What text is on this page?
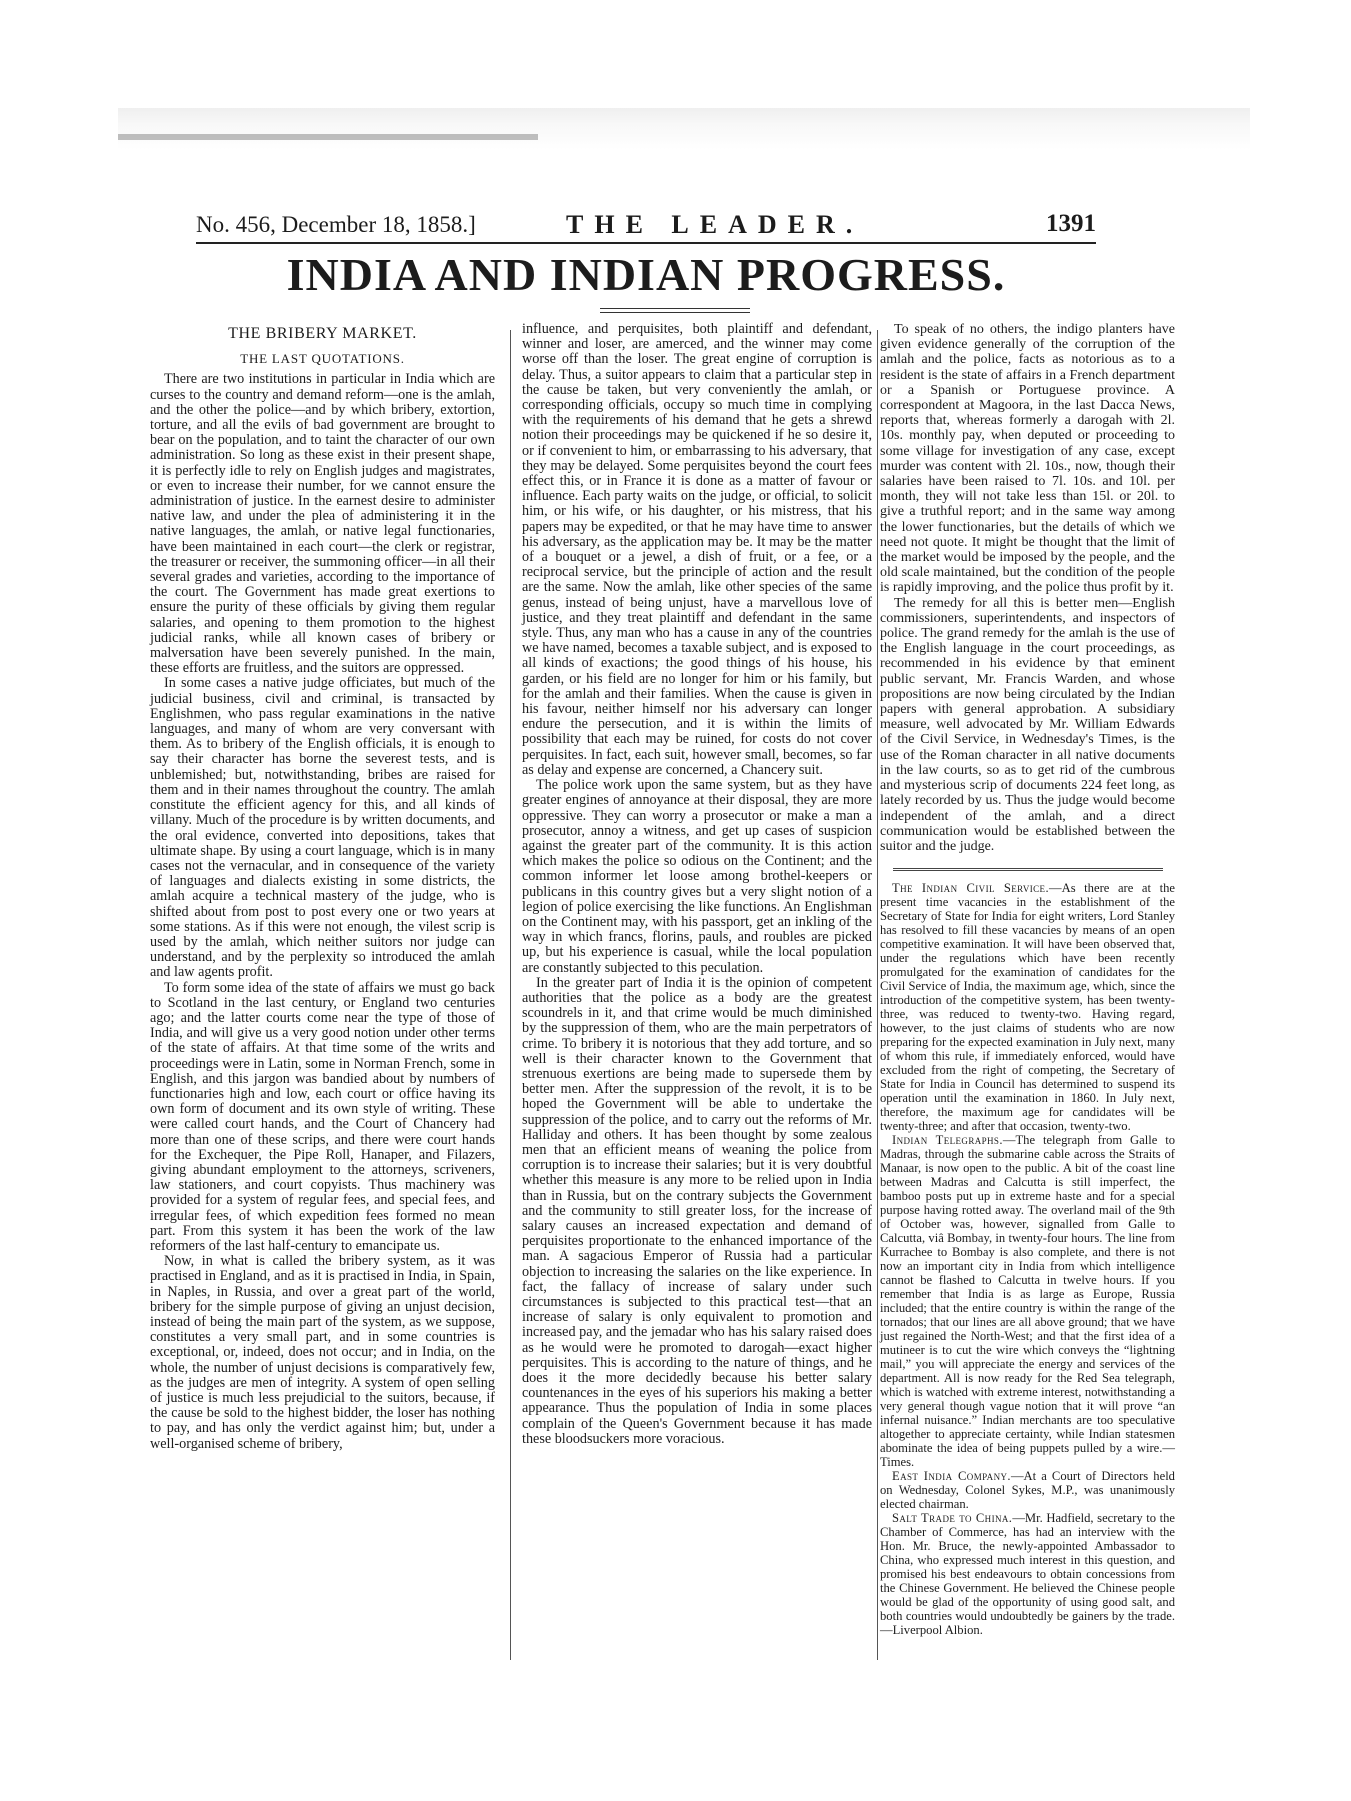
No. 456, December 18, 1858.]	THE LEADER.	1391
INDIA AND INDIAN PROGRESS.
THE BRIBERY MARKET.
THE LAST QUOTATIONS.

There are two institutions in particular in India which are curses to the country and demand reform—one is the amlah, and the other the police—and by which bribery, extortion, torture, and all the evils of bad government are brought to bear on the population, and to taint the character of our own administration. So long as these exist in their present shape, it is perfectly idle to rely on English judges and magistrates, or even to increase their number, for we cannot ensure the administration of justice. In the earnest desire to administer native law, and under the plea of administering it in the native languages, the amlah, or native legal functionaries, have been maintained in each court—the clerk or registrar, the treasurer or receiver, the summoning officer—in all their several grades and varieties, according to the importance of the court. The Government has made great exertions to ensure the purity of these officials by giving them regular salaries, and opening to them promotion to the highest judicial ranks, while all known cases of bribery or malversation have been severely punished. In the main, these efforts are fruitless, and the suitors are oppressed.

In some cases a native judge officiates, but much of the judicial business, civil and criminal, is transacted by Englishmen, who pass regular examinations in the native languages, and many of whom are very conversant with them. As to bribery of the English officials, it is enough to say their character has borne the severest tests, and is unblemished; but, notwithstanding, bribes are raised for them and in their names throughout the country. The amlah constitute the efficient agency for this, and all kinds of villany. Much of the procedure is by written documents, and the oral evidence, converted into depositions, takes that ultimate shape. By using a court language, which is in many cases not the vernacular, and in consequence of the variety of languages and dialects existing in some districts, the amlah acquire a technical mastery of the judge, who is shifted about from post to post every one or two years at some stations. As if this were not enough, the vilest scrip is used by the amlah, which neither suitors nor judge can understand, and by the perplexity so introduced the amlah and law agents profit.

To form some idea of the state of affairs we must go back to Scotland in the last century, or England two centuries ago; and the latter courts come near the type of those of India, and will give us a very good notion under other terms of the state of affairs. At that time some of the writs and proceedings were in Latin, some in Norman French, some in English, and this jargon was bandied about by numbers of functionaries high and low, each court or office having its own form of document and its own style of writing. These were called court hands, and the Court of Chancery had more than one of these scrips, and there were court hands for the Exchequer, the Pipe Roll, Hanaper, and Filazers, giving abundant employment to the attorneys, scriveners, law stationers, and court copyists. Thus machinery was provided for a system of regular fees, and special fees, and irregular fees, of which expedition fees formed no mean part. From this system it has been the work of the law reformers of the last half-century to emancipate us.

Now, in what is called the bribery system, as it was practised in England, and as it is practised in India, in Spain, in Naples, in Russia, and over a great part of the world, bribery for the simple purpose of giving an unjust decision, instead of being the main part of the system, as we suppose, constitutes a very small part, and in some countries is exceptional, or, indeed, does not occur; and in India, on the whole, the number of unjust decisions is comparatively few, as the judges are men of integrity. A system of open selling of justice is much less prejudicial to the suitors, because, if the cause be sold to the highest bidder, the loser has nothing to pay, and has only the verdict against him; but, under a well-organised scheme of bribery,

influence, and perquisites, both plaintiff and defendant, winner and loser, are amerced, and the winner may come worse off than the loser. The great engine of corruption is delay. Thus, a suitor appears to claim that a particular step in the cause be taken, but very conveniently the amlah, or corresponding officials, occupy so much time in complying with the requirements of his demand that he gets a shrewd notion their proceedings may be quickened if he so desire it, or if convenient to him, or embarrassing to his adversary, that they may be delayed. Some perquisites beyond the court fees effect this, or in France it is done as a matter of favour or influence. Each party waits on the judge, or official, to solicit him, or his wife, or his daughter, or his mistress, that his papers may be expedited, or that he may have time to answer his adversary, as the application may be. It may be the matter of a bouquet or a jewel, a dish of fruit, or a fee, or a reciprocal service, but the principle of action and the result are the same. Now the amlah, like other species of the same genus, instead of being unjust, have a marvellous love of justice, and they treat plaintiff and defendant in the same style. Thus, any man who has a cause in any of the countries we have named, becomes a taxable subject, and is exposed to all kinds of exactions; the good things of his house, his garden, or his field are no longer for him or his family, but for the amlah and their families. When the cause is given in his favour, neither himself nor his adversary can longer endure the persecution, and it is within the limits of possibility that each may be ruined, for costs do not cover perquisites. In fact, each suit, however small, becomes, so far as delay and expense are concerned, a Chancery suit.

The police work upon the same system, but as they have greater engines of annoyance at their disposal, they are more oppressive. They can worry a prosecutor or make a man a prosecutor, annoy a witness, and get up cases of suspicion against the greater part of the community. It is this action which makes the police so odious on the Continent; and the common informer let loose among brothel-keepers or publicans in this country gives but a very slight notion of a legion of police exercising the like functions. An Englishman on the Continent may, with his passport, get an inkling of the way in which francs, florins, pauls, and roubles are picked up, but his experience is casual, while the local population are constantly subjected to this peculation.

In the greater part of India it is the opinion of competent authorities that the police as a body are the greatest scoundrels in it, and that crime would be much diminished by the suppression of them, who are the main perpetrators of crime. To bribery it is notorious that they add torture, and so well is their character known to the Government that strenuous exertions are being made to supersede them by better men. After the suppression of the revolt, it is to be hoped the Government will be able to undertake the suppression of the police, and to carry out the reforms of Mr. Halliday and others. It has been thought by some zealous men that an efficient means of weaning the police from corruption is to increase their salaries; but it is very doubtful whether this measure is any more to be relied upon in India than in Russia, but on the contrary subjects the Government and the community to still greater loss, for the increase of salary causes an increased expectation and demand of perquisites proportionate to the enhanced importance of the man. A sagacious Emperor of Russia had a particular objection to increasing the salaries on the like experience. In fact, the fallacy of increase of salary under such circumstances is subjected to this practical test—that an increase of salary is only equivalent to promotion and increased pay, and the jemadar who has his salary raised does as he would were he promoted to darogah—exact higher perquisites. This is according to the nature of things, and he does it the more decidedly because his better salary countenances in the eyes of his superiors his making a better appearance. Thus the population of India in some places complain of the Queen's Government because it has made these bloodsuckers more voracious.

To speak of no others, the indigo planters have given evidence generally of the corruption of the amlah and the police, facts as notorious as to a resident is the state of affairs in a French department or a Spanish or Portuguese province. A correspondent at Magoora, in the last Dacca News, reports that, whereas formerly a darogah with 2l. 10s. monthly pay, when deputed or proceeding to some village for investigation of any case, except murder was content with 2l. 10s., now, though their salaries have been raised to 7l. 10s. and 10l. per month, they will not take less than 15l. or 20l. to give a truthful report; and in the same way among the lower functionaries, but the details of which we need not quote. It might be thought that the limit of the market would be imposed by the people, and the old scale maintained, but the condition of the people is rapidly improving, and the police thus profit by it.

The remedy for all this is better men—English commissioners, superintendents, and inspectors of police. The grand remedy for the amlah is the use of the English language in the court proceedings, as recommended in his evidence by that eminent public servant, Mr. Francis Warden, and whose propositions are now being circulated by the Indian papers with general approbation. A subsidiary measure, well advocated by Mr. William Edwards of the Civil Service, in Wednesday's Times, is the use of the Roman character in all native documents in the law courts, so as to get rid of the cumbrous and mysterious scrip of documents 224 feet long, as lately recorded by us. Thus the judge would become independent of the amlah, and a direct communication would be established between the suitor and the judge.

The Indian Civil Service.—As there are at the present time vacancies in the establishment of the Secretary of State for India for eight writers, Lord Stanley has resolved to fill these vacancies by means of an open competitive examination. It will have been observed that, under the regulations which have been recently promulgated for the examination of candidates for the Civil Service of India, the maximum age, which, since the introduction of the competitive system, has been twenty-three, was reduced to twenty-two. Having regard, however, to the just claims of students who are now preparing for the expected examination in July next, many of whom this rule, if immediately enforced, would have excluded from the right of competing, the Secretary of State for India in Council has determined to suspend its operation until the examination in 1860. In July next, therefore, the maximum age for candidates will be twenty-three; and after that occasion, twenty-two.

Indian Telegraphs.—The telegraph from Galle to Madras, through the submarine cable across the Straits of Manaar, is now open to the public. A bit of the coast line between Madras and Calcutta is still imperfect, the bamboo posts put up in extreme haste and for a special purpose having rotted away. The overland mail of the 9th of October was, however, signalled from Galle to Calcutta, viâ Bombay, in twenty-four hours. The line from Kurrachee to Bombay is also complete, and there is not now an important city in India from which intelligence cannot be flashed to Calcutta in twelve hours. If you remember that India is as large as Europe, Russia included; that the entire country is within the range of the tornados; that our lines are all above ground; that we have just regained the North-West; and that the first idea of a mutineer is to cut the wire which conveys the “lightning mail,” you will appreciate the energy and services of the department. All is now ready for the Red Sea telegraph, which is watched with extreme interest, notwithstanding a very general though vague notion that it will prove “an infernal nuisance.” Indian merchants are too speculative altogether to appreciate certainty, while Indian statesmen abominate the idea of being puppets pulled by a wire.—Times.

East India Company.—At a Court of Directors held on Wednesday, Colonel Sykes, M.P., was unanimously elected chairman.

Salt Trade to China.—Mr. Hadfield, secretary to the Chamber of Commerce, has had an interview with the Hon. Mr. Bruce, the newly-appointed Ambassador to China, who expressed much interest in this question, and promised his best endeavours to obtain concessions from the Chinese Government. He believed the Chinese people would be glad of the opportunity of using good salt, and both countries would undoubtedly be gainers by the trade.—Liverpool Albion.
